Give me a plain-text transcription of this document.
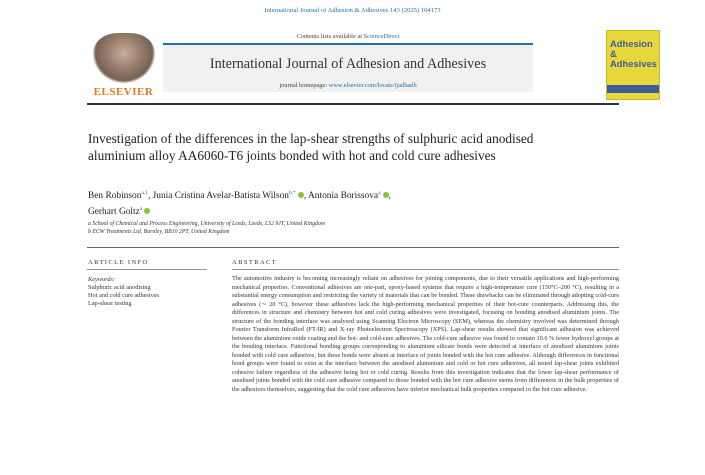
International Journal of Adhesion & Adhesives 143 (2025) 104173
ELSEVIER
Contents lists available at ScienceDirect
International Journal of Adhesion and Adhesives
journal homepage: www.elsevier.com/locate/ijadhadh
Adhesion & Adhesives
Investigation of the differences in the lap-shear strengths of sulphuric acid anodised aluminium alloy AA6060-T6 joints bonded with hot and cold cure adhesives
Ben Robinson$^{a,1}$, Junia Cristina Avelar-Batista Wilson$^{b,*}$ , Antonia Borissova$^a$ ,
Gerhart Goltz$^a$
a School of Chemical and Process Engineering, University of Leeds, Leeds, LS2 9JT, United Kingdom
b ECW Treatments Ltd, Burnley, BB10 2PT, United Kingdom
ARTICLE INFO	ABSTRACT
Keywords:
Sulphuric acid anodising
Hot and cold cure adhesives
Lap-shear testing
The automotive industry is becoming increasingly reliant on adhesives for joining components, due to their versatile applications and high-performing mechanical properties. Conventional adhesives are one-part, epoxy-based systems that require a high-temperature cure (150°C–200 °C), resulting in a substantial energy consumption and restricting the variety of materials that can be bonded. These drawbacks can be eliminated through adopting cold-cure adhesives (∼ 20 °C), however these adhesives lack the high-performing mechanical properties of their hot-cure counterparts. Addressing this, the differences in structure and chemistry between hot and cold curing adhesives were investigated, focusing on bonding anodised aluminium joints. The structure of the bonding interface was analysed using Scanning Electron Microscopy (SEM), whereas the chemistry involved was determined through Fourier Transform InfraRed (FT-IR) and X-ray Photoelectron Spectroscopy (XPS). Lap-shear results showed that significant adhesion was achieved between the aluminium oxide coating and the hot- and cold-cure adhesives. The cold-cure adhesive was found to contain 10.6 % fewer hydroxyl groups at the bonding interface. Functional bonding groups corresponding to aluminium silicate bonds were detected at interface of anodised aluminium joints bonded with cold cure adhesives, but these bonds were absent at interface of joints bonded with the hot cure adhesive. Although differences in functional bond groups were found to exist at the interface between the anodised aluminium and cold or hot cure adhesives, all tested lap-shear joints exhibited cohesive failure regardless of the adhesive being hot or cold curing. Results from this investigation indicates that the lower lap-shear performance of anodised joints bonded with the cold cure adhesive compared to those bonded with the hot cure adhesive stems from differences in the bulk properties of the adhesives themselves, suggesting that the cold cure adhesives have inferior mechanical bulk properties compared to the hot cure adhesive.
